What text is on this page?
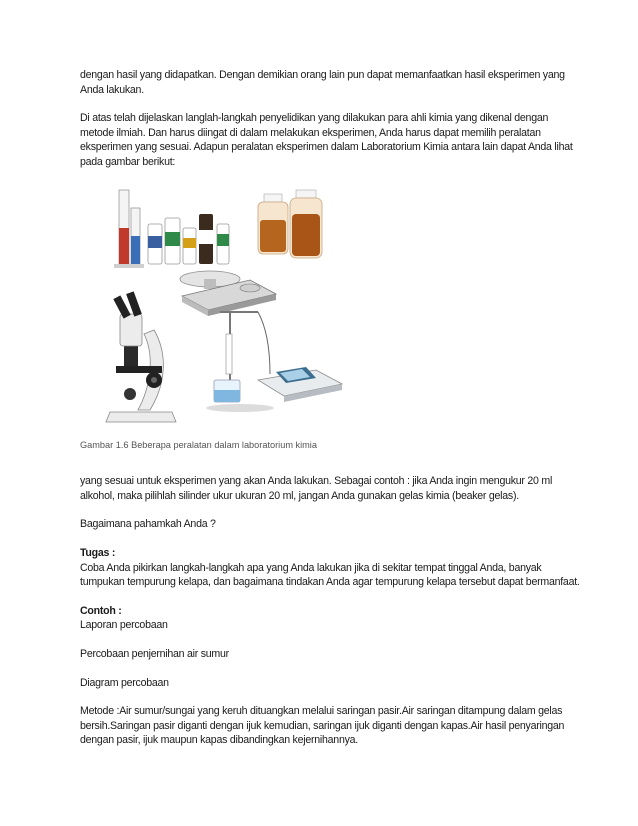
dengan hasil yang didapatkan. Dengan demikian orang lain pun dapat memanfaatkan hasil eksperimen yang Anda lakukan.

Di atas telah dijelaskan langlah-langkah penyelidikan yang dilakukan para ahli kimia yang dikenal dengan metode ilmiah. Dan harus diingat di dalam melakukan eksperimen, Anda harus dapat memilih peralatan eksperimen yang sesuai. Adapun peralatan eksperimen dalam Laboratorium Kimia antara lain dapat Anda lihat pada gambar berikut:

Gambar 1.6 Beberapa peralatan dalam laboratorium kimia

yang sesuai untuk eksperimen yang akan Anda lakukan. Sebagai contoh : jika Anda ingin mengukur 20 ml alkohol, maka pilihlah silinder ukur ukuran 20 ml, jangan Anda gunakan gelas kimia (beaker gelas).

Bagaimana pahamkah Anda ?

Tugas :

Coba Anda pikirkan langkah-langkah apa yang Anda lakukan jika di sekitar tempat tinggal Anda, banyak tumpukan tempurung kelapa, dan bagaimana tindakan Anda agar tempurung kelapa tersebut dapat bermanfaat.

Contoh :

Laporan percobaan

Percobaan penjernihan air sumur

Diagram percobaan

Metode :Air sumur/sungai yang keruh dituangkan melalui saringan pasir.Air saringan ditampung dalam gelas bersih.Saringan pasir diganti dengan ijuk kemudian, saringan ijuk diganti dengan kapas.Air hasil penyaringan dengan pasir, ijuk maupun kapas dibandingkan kejernihannya.
